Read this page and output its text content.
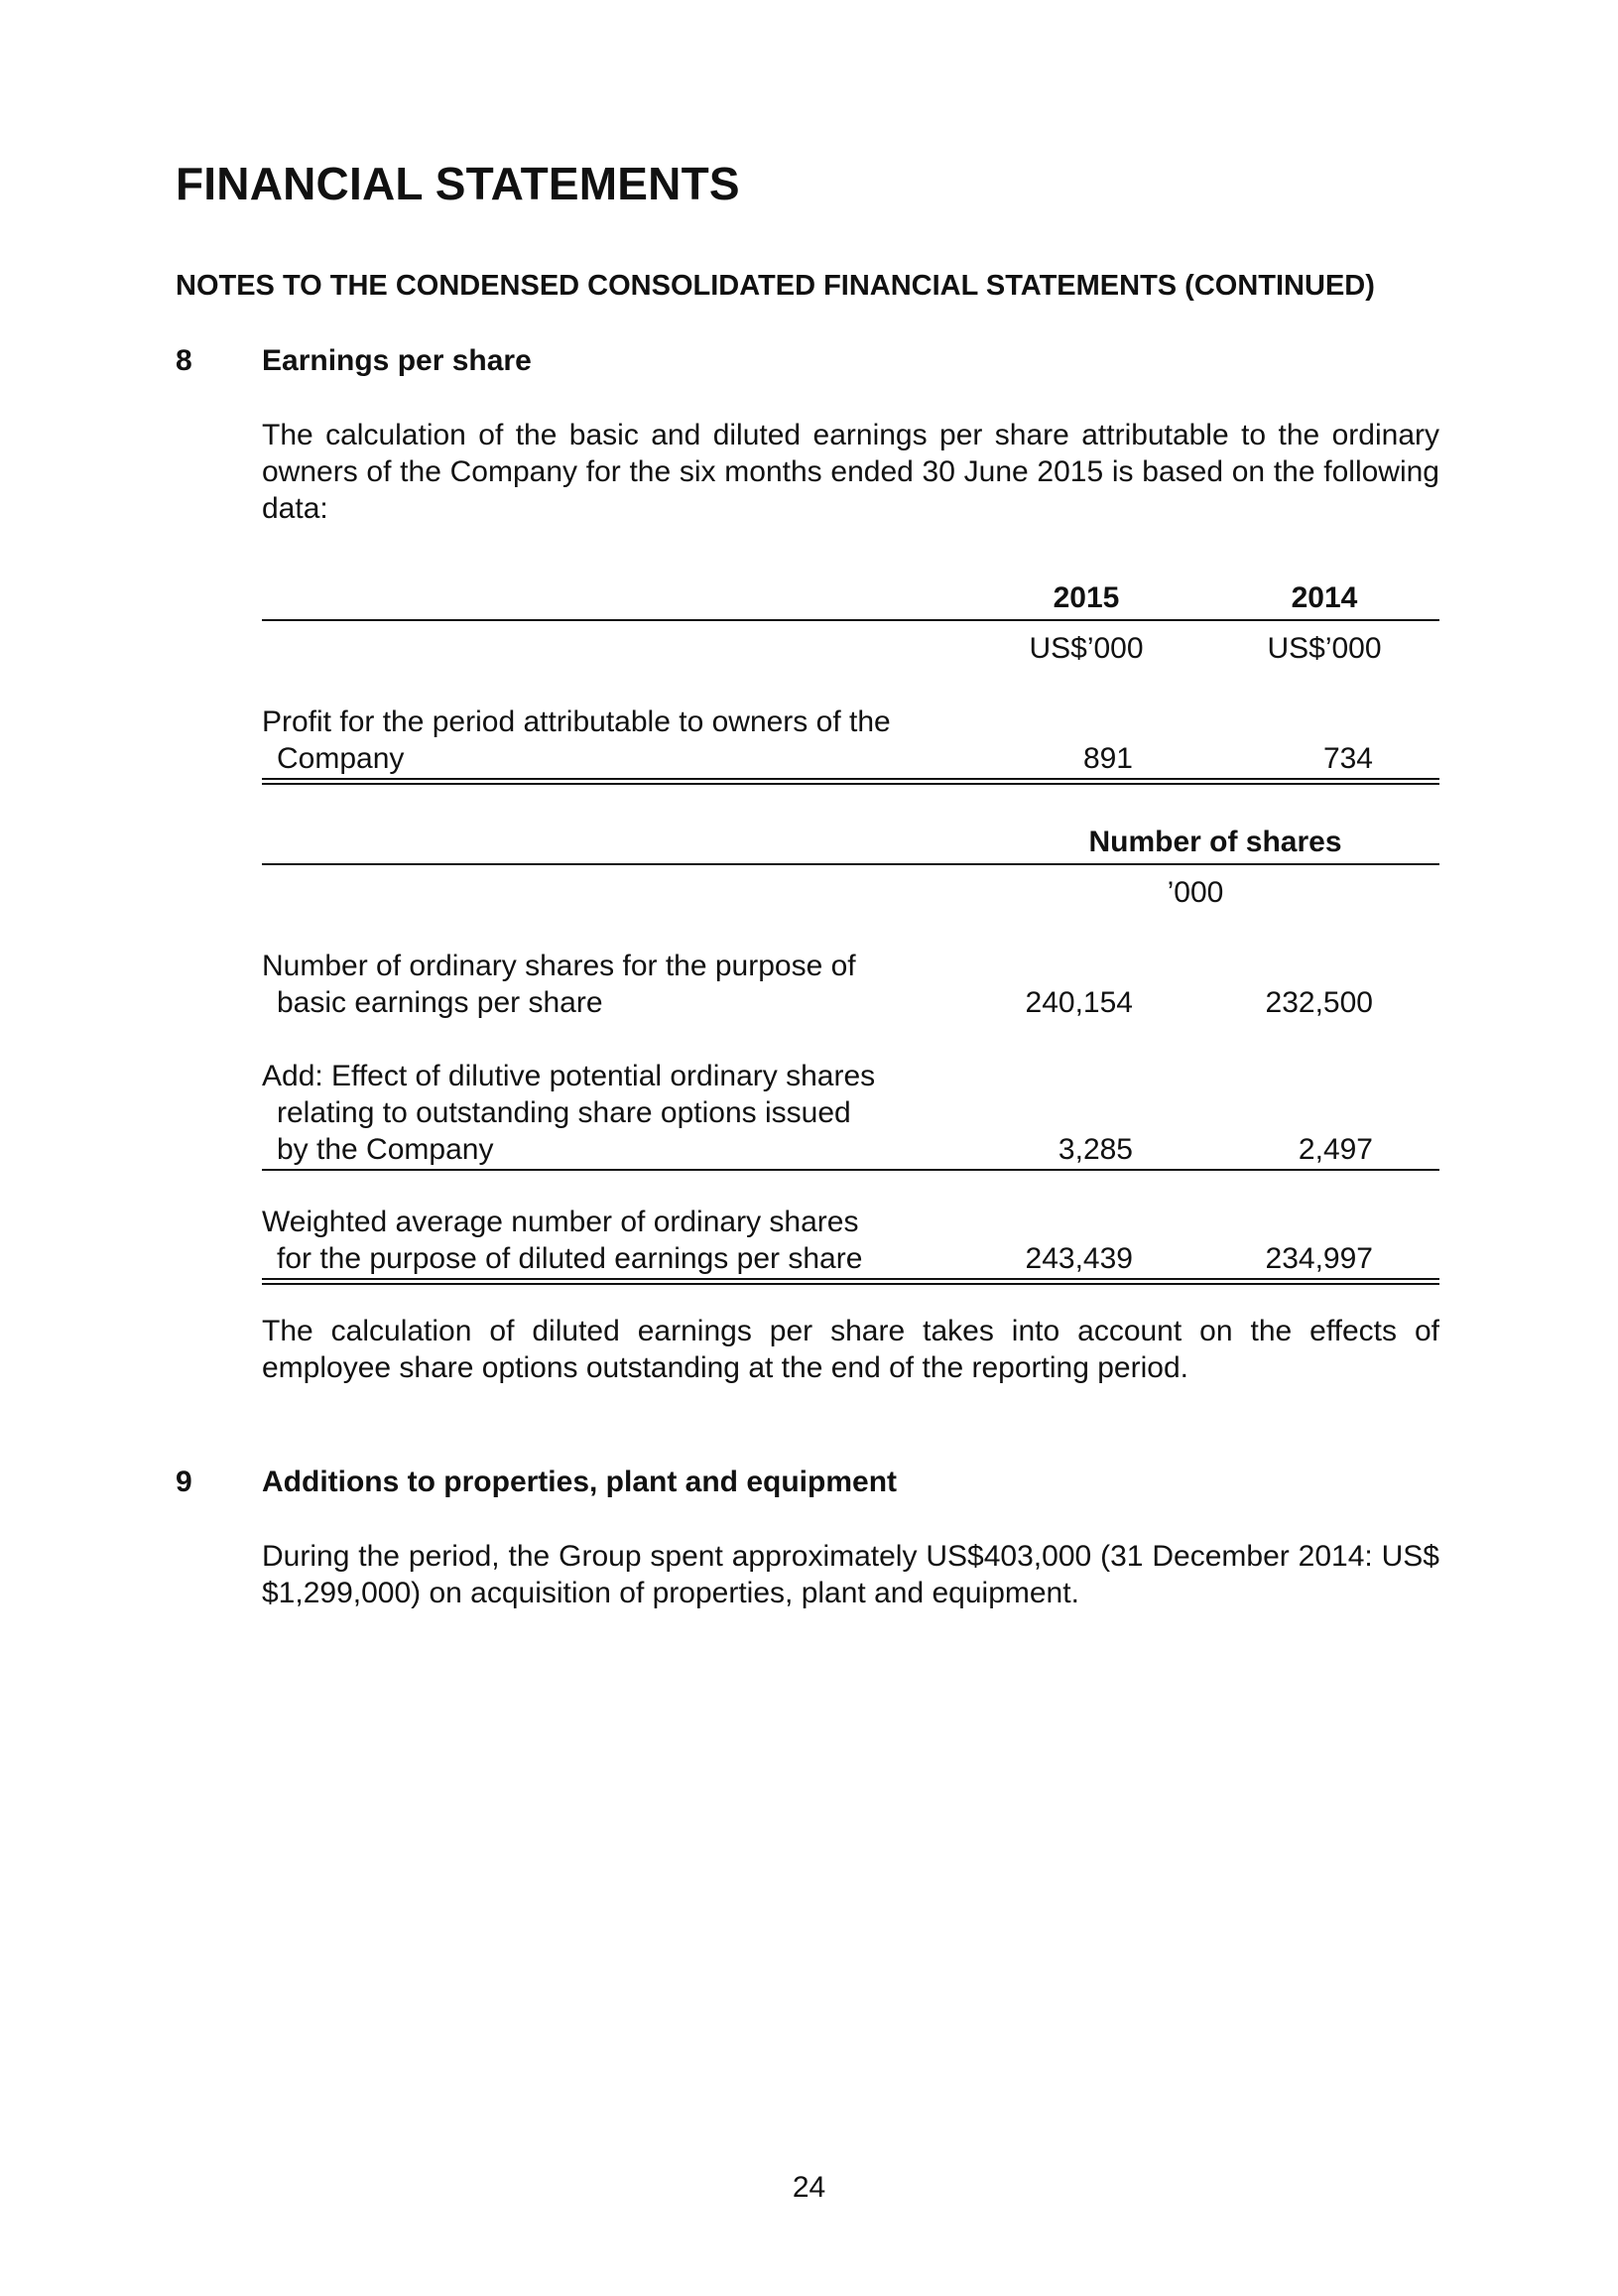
FINANCIAL STATEMENTS
NOTES TO THE CONDENSED CONSOLIDATED FINANCIAL STATEMENTS (CONTINUED)
8 Earnings per share

The calculation of the basic and diluted earnings per share attributable to the ordinary owners of the Company for the six months ended 30 June 2015 is based on the following data:

2015	2014
US$’000	US$’000
Profit for the period attributable to owners of the
Company	891	734
Number of shares
’000
Number of ordinary shares for the purpose of
basic earnings per share	240,154	232,500
Add: Effect of dilutive potential ordinary shares
relating to outstanding share options issued
by the Company	3,285	2,497
Weighted average number of ordinary shares
for the purpose of diluted earnings per share	243,439	234,997

The calculation of diluted earnings per share takes into account on the effects of employee share options outstanding at the end of the reporting period.

9 Additions to properties, plant and equipment

During the period, the Group spent approximately US$403,000 (31 December 2014: US$ $1,299,000) on acquisition of properties, plant and equipment.

24
